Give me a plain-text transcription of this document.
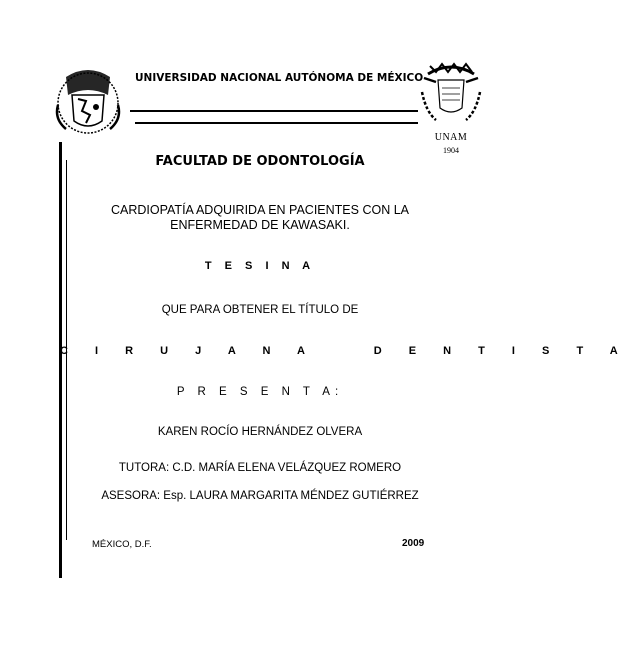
UNAM
1904
UNIVERSIDAD NACIONAL AUTÓNOMA DE MÉXICO
FACULTAD DE ODONTOLOGÍA
CARDIOPATÍA ADQUIRIDA EN PACIENTES CON LA
ENFERMEDAD DE KAWASAKI.
T E S I N A
QUE PARA OBTENER EL TÍTULO DE
C I R U J A N A   D E N T I S T A
P R E S E N T A:
KAREN ROCÍO HERNÁNDEZ OLVERA
TUTORA: C.D. MARÍA ELENA VELÁZQUEZ ROMERO
ASESORA: Esp. LAURA MARGARITA MÉNDEZ GUTIÉRREZ
MÉXICO, D.F.	2009
